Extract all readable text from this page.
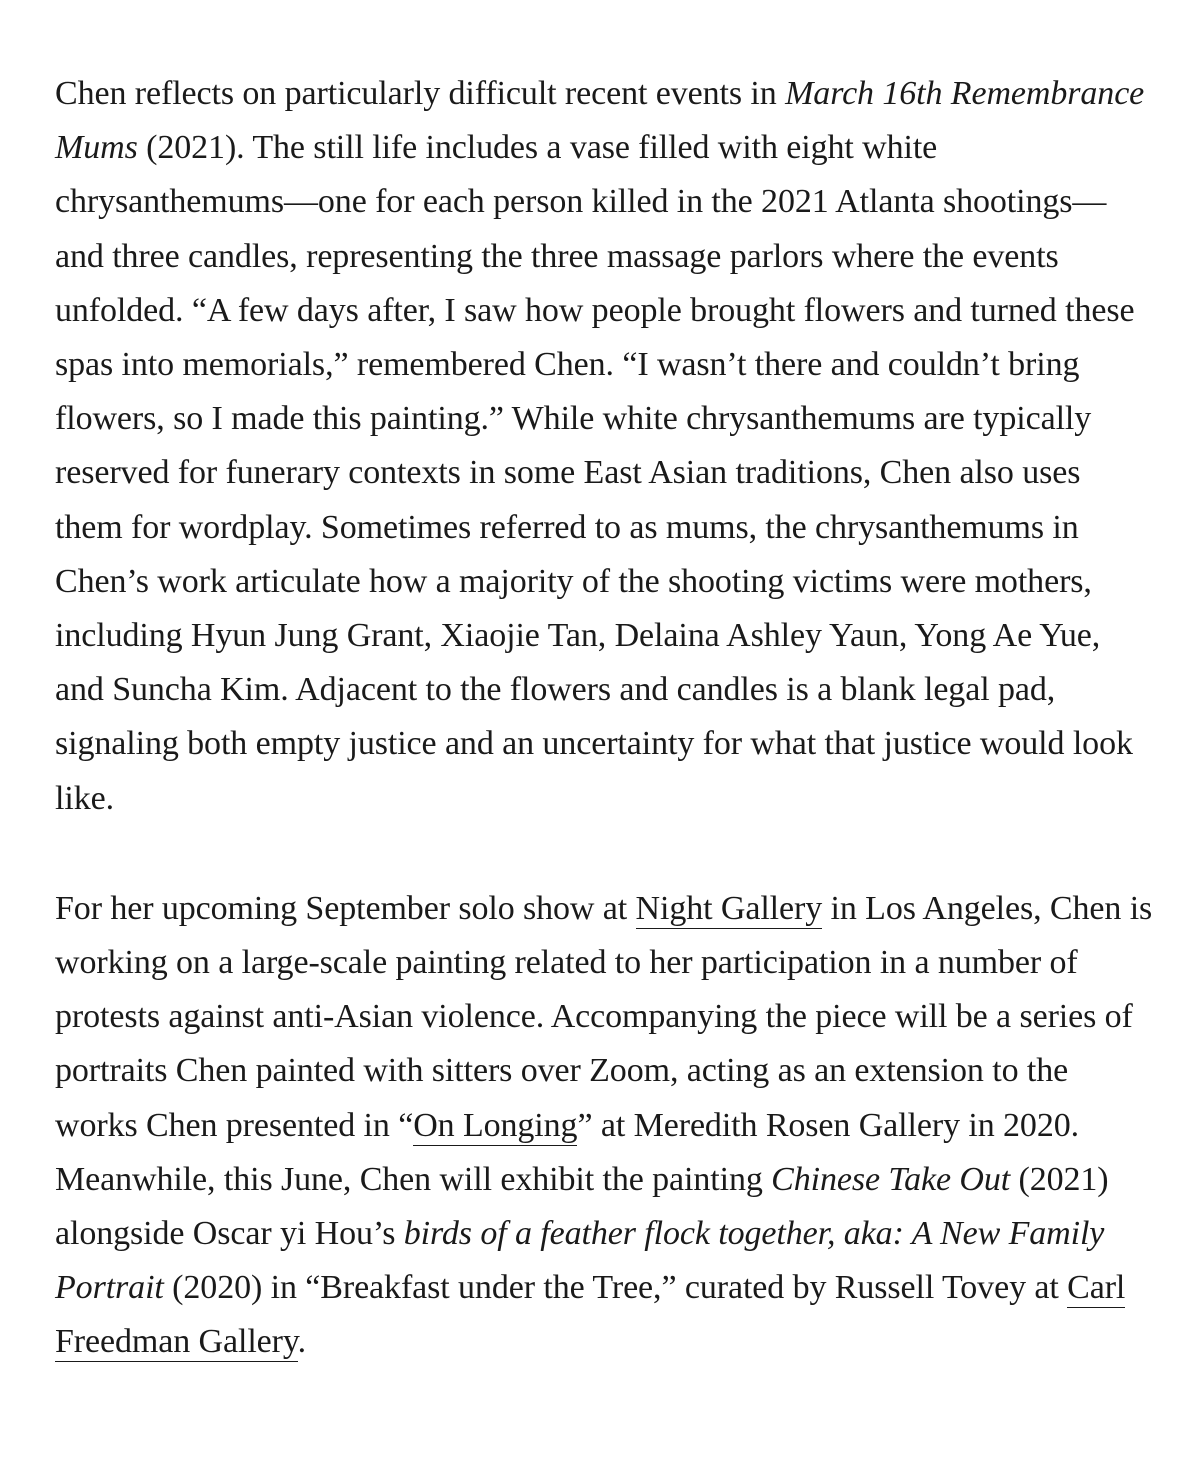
Chen reflects on particularly difficult recent events in March 16th Remembrance Mums (2021). The still life includes a vase filled with eight white chrysanthemums—one for each person killed in the 2021 Atlanta shootings—and three candles, representing the three massage parlors where the events unfolded. “A few days after, I saw how people brought flowers and turned these spas into memorials,” remembered Chen. “I wasn’t there and couldn’t bring flowers, so I made this painting.” While white chrysanthemums are typically reserved for funerary contexts in some East Asian traditions, Chen also uses them for wordplay. Sometimes referred to as mums, the chrysanthemums in Chen’s work articulate how a majority of the shooting victims were mothers, including Hyun Jung Grant, Xiaojie Tan, Delaina Ashley Yaun, Yong Ae Yue, and Suncha Kim. Adjacent to the flowers and candles is a blank legal pad, signaling both empty justice and an uncertainty for what that justice would look like.

For her upcoming September solo show at Night Gallery in Los Angeles, Chen is working on a large-scale painting related to her participation in a number of protests against anti-Asian violence. Accompanying the piece will be a series of portraits Chen painted with sitters over Zoom, acting as an extension to the works Chen presented in “On Longing” at Meredith Rosen Gallery in 2020. Meanwhile, this June, Chen will exhibit the painting Chinese Take Out (2021) alongside Oscar yi Hou’s birds of a feather flock together, aka: A New Family Portrait (2020) in “Breakfast under the Tree,” curated by Russell Tovey at Carl Freedman Gallery.
